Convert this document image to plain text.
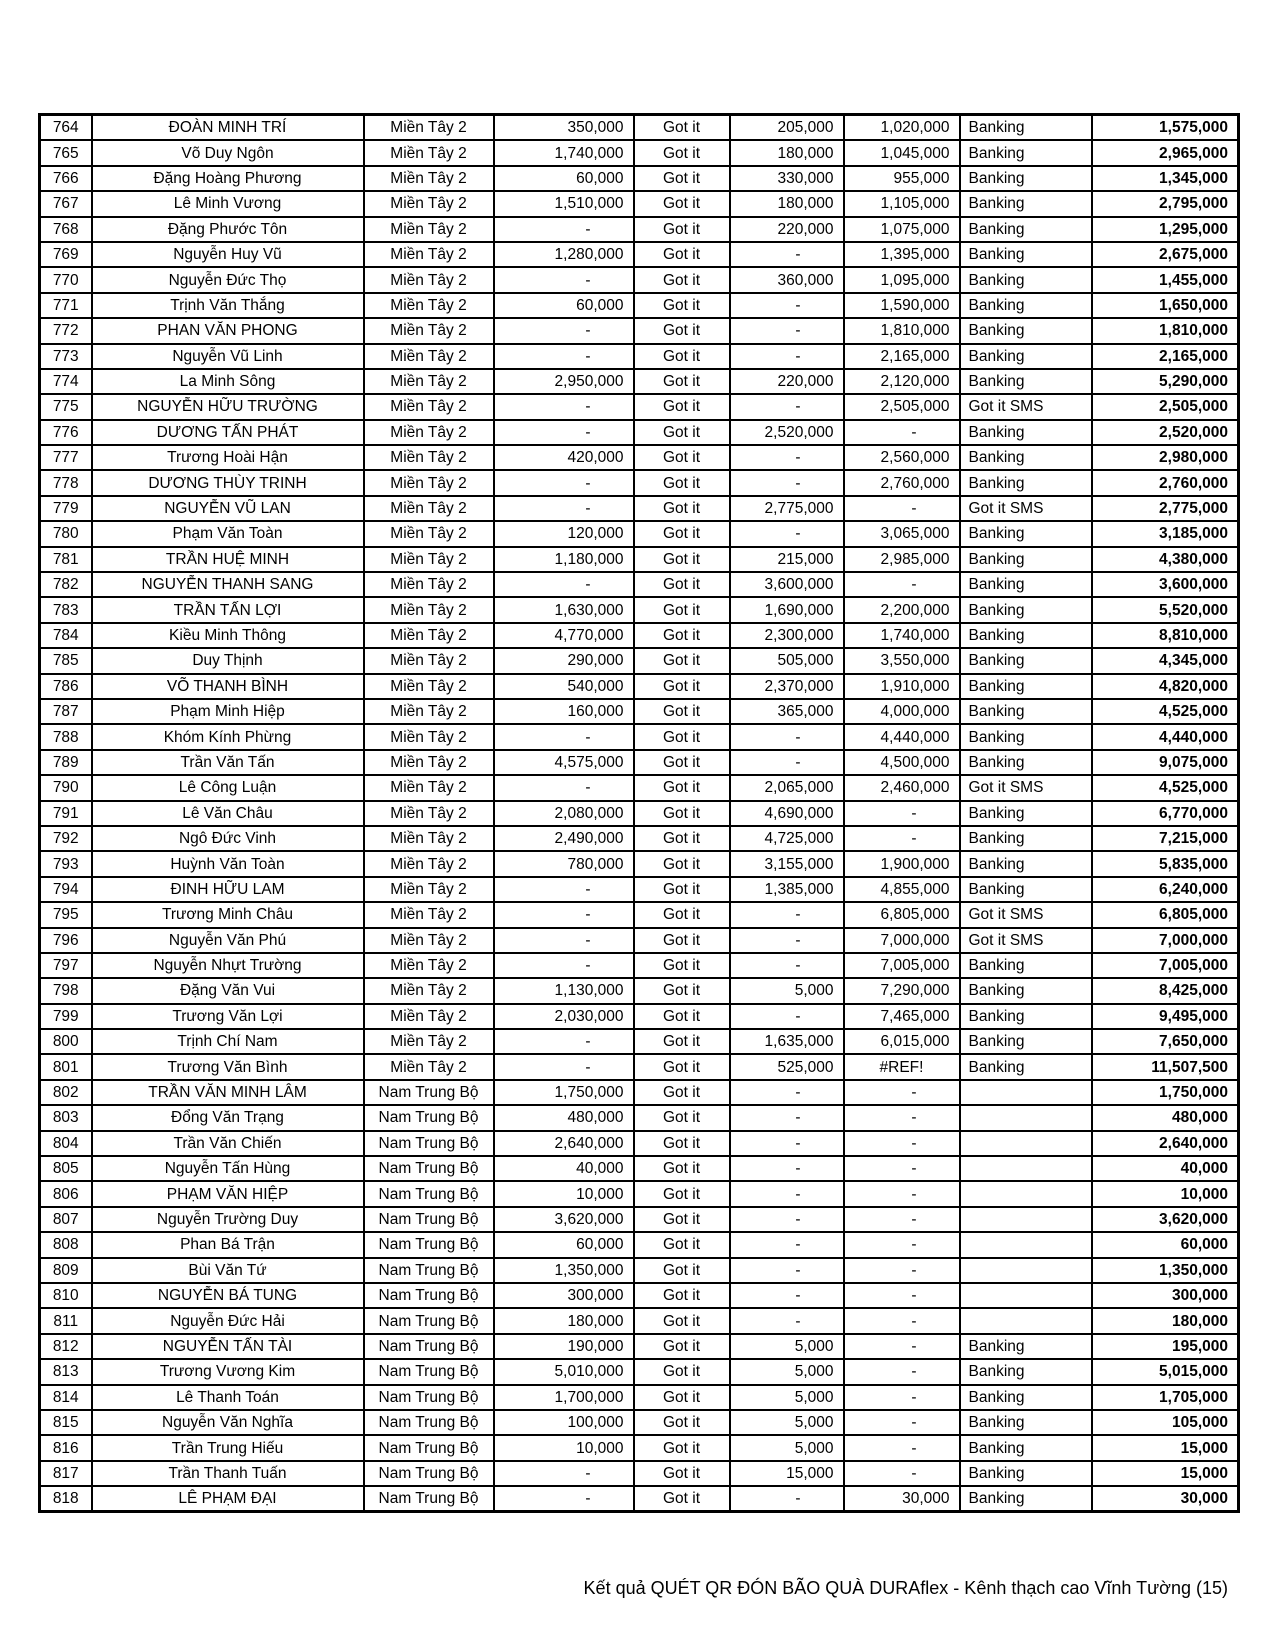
764	ĐOÀN MINH TRÍ	Miền Tây 2	350,000	Got it	205,000	1,020,000	Banking	1,575,000
765	Võ Duy Ngôn	Miền Tây 2	1,740,000	Got it	180,000	1,045,000	Banking	2,965,000
766	Đặng Hoàng Phương	Miền Tây 2	60,000	Got it	330,000	955,000	Banking	1,345,000
767	Lê Minh Vương	Miền Tây 2	1,510,000	Got it	180,000	1,105,000	Banking	2,795,000
768	Đặng Phước Tôn	Miền Tây 2	-	Got it	220,000	1,075,000	Banking	1,295,000
769	Nguyễn Huy Vũ	Miền Tây 2	1,280,000	Got it	-	1,395,000	Banking	2,675,000
770	Nguyễn Đức Thọ	Miền Tây 2	-	Got it	360,000	1,095,000	Banking	1,455,000
771	Trịnh Văn Thắng	Miền Tây 2	60,000	Got it	-	1,590,000	Banking	1,650,000
772	PHAN VĂN PHONG	Miền Tây 2	-	Got it	-	1,810,000	Banking	1,810,000
773	Nguyễn Vũ Linh	Miền Tây 2	-	Got it	-	2,165,000	Banking	2,165,000
774	La Minh Sông	Miền Tây 2	2,950,000	Got it	220,000	2,120,000	Banking	5,290,000
775	NGUYỄN HỮU TRƯỜNG	Miền Tây 2	-	Got it	-	2,505,000	Got it SMS	2,505,000
776	DƯƠNG TẤN PHÁT	Miền Tây 2	-	Got it	2,520,000	-	Banking	2,520,000
777	Trương Hoài Hận	Miền Tây 2	420,000	Got it	-	2,560,000	Banking	2,980,000
778	DƯƠNG THÙY TRINH	Miền Tây 2	-	Got it	-	2,760,000	Banking	2,760,000
779	NGUYỄN VŨ LAN	Miền Tây 2	-	Got it	2,775,000	-	Got it SMS	2,775,000
780	Phạm Văn Toàn	Miền Tây 2	120,000	Got it	-	3,065,000	Banking	3,185,000
781	TRẦN HUỆ MINH	Miền Tây 2	1,180,000	Got it	215,000	2,985,000	Banking	4,380,000
782	NGUYỄN THANH SANG	Miền Tây 2	-	Got it	3,600,000	-	Banking	3,600,000
783	TRẦN TẤN LỢI	Miền Tây 2	1,630,000	Got it	1,690,000	2,200,000	Banking	5,520,000
784	Kiều Minh Thông	Miền Tây 2	4,770,000	Got it	2,300,000	1,740,000	Banking	8,810,000
785	Duy Thịnh	Miền Tây 2	290,000	Got it	505,000	3,550,000	Banking	4,345,000
786	VÕ THANH BÌNH	Miền Tây 2	540,000	Got it	2,370,000	1,910,000	Banking	4,820,000
787	Phạm Minh Hiệp	Miền Tây 2	160,000	Got it	365,000	4,000,000	Banking	4,525,000
788	Khóm Kính Phừng	Miền Tây 2	-	Got it	-	4,440,000	Banking	4,440,000
789	Trần Văn Tấn	Miền Tây 2	4,575,000	Got it	-	4,500,000	Banking	9,075,000
790	Lê Công Luận	Miền Tây 2	-	Got it	2,065,000	2,460,000	Got it SMS	4,525,000
791	Lê Văn Châu	Miền Tây 2	2,080,000	Got it	4,690,000	-	Banking	6,770,000
792	Ngô Đức Vinh	Miền Tây 2	2,490,000	Got it	4,725,000	-	Banking	7,215,000
793	Huỳnh Văn Toàn	Miền Tây 2	780,000	Got it	3,155,000	1,900,000	Banking	5,835,000
794	ĐINH HỮU LAM	Miền Tây 2	-	Got it	1,385,000	4,855,000	Banking	6,240,000
795	Trương Minh Châu	Miền Tây 2	-	Got it	-	6,805,000	Got it SMS	6,805,000
796	Nguyễn Văn Phú	Miền Tây 2	-	Got it	-	7,000,000	Got it SMS	7,000,000
797	Nguyễn Nhựt Trường	Miền Tây 2	-	Got it	-	7,005,000	Banking	7,005,000
798	Đặng Văn Vui	Miền Tây 2	1,130,000	Got it	5,000	7,290,000	Banking	8,425,000
799	Trương Văn Lợi	Miền Tây 2	2,030,000	Got it	-	7,465,000	Banking	9,495,000
800	Trịnh Chí Nam	Miền Tây 2	-	Got it	1,635,000	6,015,000	Banking	7,650,000
801	Trương Văn Bình	Miền Tây 2	-	Got it	525,000	#REF!	Banking	11,507,500
802	TRẦN VĂN MINH LÂM	Nam Trung Bộ	1,750,000	Got it	-	-		1,750,000
803	Đổng Văn Trạng	Nam Trung Bộ	480,000	Got it	-	-		480,000
804	Trần Văn Chiến	Nam Trung Bộ	2,640,000	Got it	-	-		2,640,000
805	Nguyễn Tấn Hùng	Nam Trung Bộ	40,000	Got it	-	-		40,000
806	PHẠM VĂN HIỆP	Nam Trung Bộ	10,000	Got it	-	-		10,000
807	Nguyễn Trường Duy	Nam Trung Bộ	3,620,000	Got it	-	-		3,620,000
808	Phan Bá Trận	Nam Trung Bộ	60,000	Got it	-	-		60,000
809	Bùi Văn Tứ	Nam Trung Bộ	1,350,000	Got it	-	-		1,350,000
810	NGUYỄN BÁ TUNG	Nam Trung Bộ	300,000	Got it	-	-		300,000
811	Nguyễn Đức Hải	Nam Trung Bộ	180,000	Got it	-	-		180,000
812	NGUYỄN TẤN TÀI	Nam Trung Bộ	190,000	Got it	5,000	-	Banking	195,000
813	Trương Vương Kim	Nam Trung Bộ	5,010,000	Got it	5,000	-	Banking	5,015,000
814	Lê Thanh Toán	Nam Trung Bộ	1,700,000	Got it	5,000	-	Banking	1,705,000
815	Nguyễn Văn Nghĩa	Nam Trung Bộ	100,000	Got it	5,000	-	Banking	105,000
816	Trần Trung Hiếu	Nam Trung Bộ	10,000	Got it	5,000	-	Banking	15,000
817	Trần Thanh Tuấn	Nam Trung Bộ	-	Got it	15,000	-	Banking	15,000
818	LÊ PHẠM ĐẠI	Nam Trung Bộ	-	Got it	-	30,000	Banking	30,000
Kết quả QUÉT QR ĐÓN BÃO QUÀ DURAflex - Kênh thạch cao Vĩnh Tường (15)
